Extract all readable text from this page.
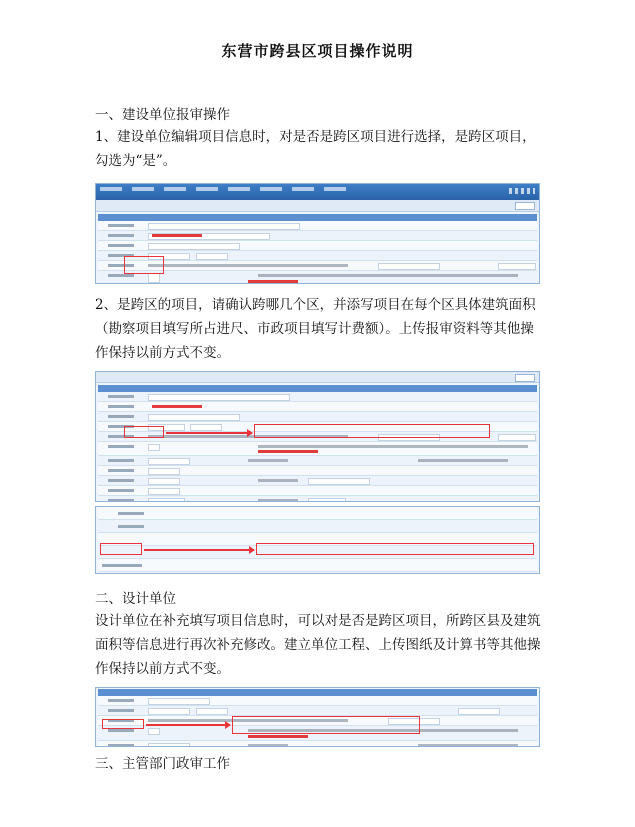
东营市跨县区项目操作说明
一、建设单位报审操作
1、建设单位编辑项目信息时，对是否是跨区项目进行选择，是跨区项目，勾选为“是”。
2、是跨区的项目，请确认跨哪几个区，并添写项目在每个区具体建筑面积（勘察项目填写所占进尺、市政项目填写计费额）。上传报审资料等其他操作保持以前方式不变。
二、设计单位
设计单位在补充填写项目信息时，可以对是否是跨区项目，所跨区县及建筑面积等信息进行再次补充修改。建立单位工程、上传图纸及计算书等其他操作保持以前方式不变。
三、主管部门政审工作
